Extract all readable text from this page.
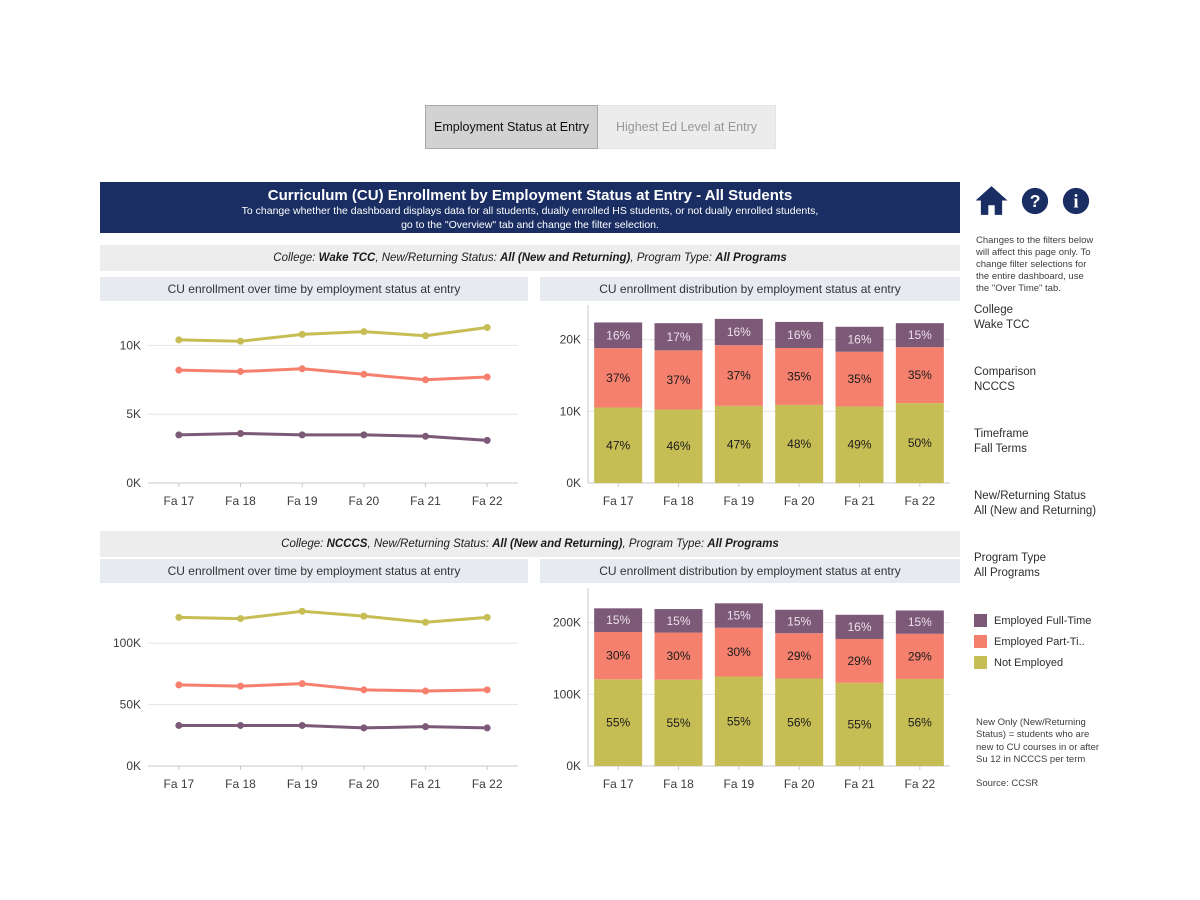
Employment Status at Entry	Highest Ed Level at Entry
Curriculum (CU) Enrollment by Employment Status at Entry - All Students
To change whether the dashboard displays data for all students, dually enrolled HS students, or not dually enrolled students,
go to the "Overview" tab and change the filter selection.
College: Wake TCC , New/Returning Status: All (New and Returning) , Program Type: All Programs
CU enrollment over time by employment status at entry	CU enrollment distribution by employment status at entry
0K
5K
10K
Fa 17	Fa 18	Fa 19	Fa 20	Fa 21	Fa 22
0K
10K
20K
Fa 17 Fa 18 Fa 19 Fa 20 Fa 21 Fa 22
47%
37%
16%
46%
37%
17%
47%
37%
16%
48%
35%
16%
49%
35%
16%
50%
35%
15%
College: NCCCS , New/Returning Status: All (New and Returning) , Program Type: All Programs
CU enrollment over time by employment status at entry	CU enrollment distribution by employment status at entry
0K
50K
100K
Fa 17	Fa 18	Fa 19	Fa 20	Fa 21	Fa 22
0K
100K
200K
Fa 17 Fa 18 Fa 19 Fa 20 Fa 21 Fa 22
55%
30%
15%
55%
30%
15%
55%
30%
15%
56%
29%
15%
55%
29%
16%
56%
29%
15%
? i
Changes to the filters below will affect this page only. To change filter selections for the entire dashboard, use the "Over Time" tab.
College
Wake TCC
Comparison
NCCCS
Timeframe
Fall Terms
New/Returning Status
All (New and Returning)
Program Type
All Programs
Employed Full-Time
Employed Part-Ti..
Not Employed
New Only (New/Returning Status) = students who are new to CU courses in or after Su 12 in NCCCS per term
Source: CCSR
